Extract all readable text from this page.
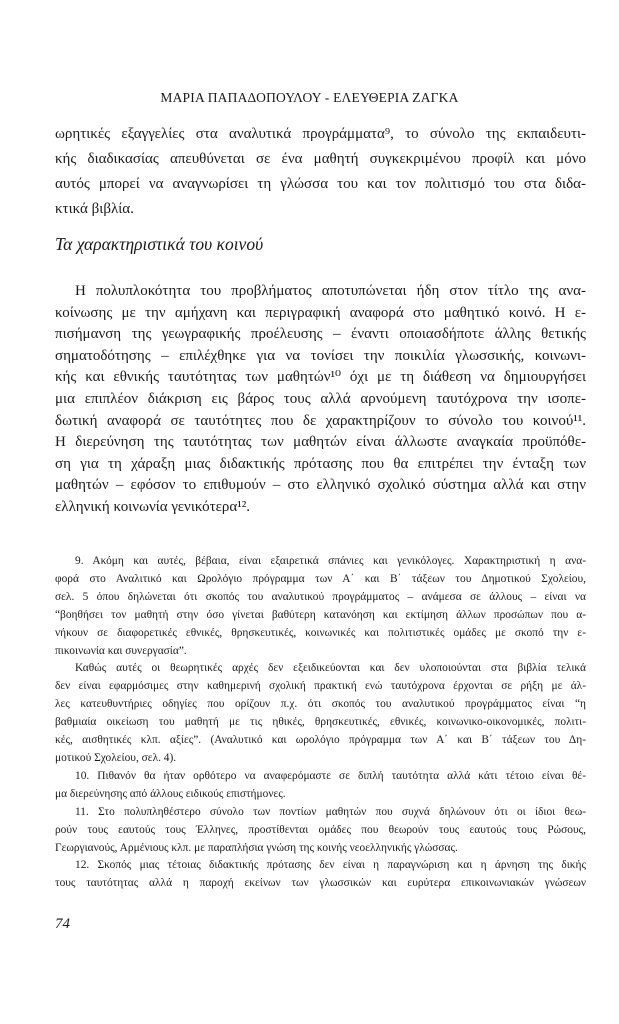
ΜΑΡΙΑ ΠΑΠΑΔΟΠΟΥΛΟΥ - ΕΛΕΥΘΕΡΙΑ ΖΑΓΚΑ
ωρητικές εξαγγελίες στα αναλυτικά προγράμματα⁹, το σύνολο της εκπαιδευτι-
κής διαδικασίας απευθύνεται σε ένα μαθητή συγκεκριμένου προφίλ και μόνο
αυτός μπορεί να αναγνωρίσει τη γλώσσα του και τον πολιτισμό του στα διδα-
κτικά βιβλία.
Τα χαρακτηριστικά του κοινού
Η πολυπλοκότητα του προβλήματος αποτυπώνεται ήδη στον τίτλο της ανα-
κοίνωσης με την αμήχανη και περιγραφική αναφορά στο μαθητικό κοινό. Η ε-
πισήμανση της γεωγραφικής προέλευσης – έναντι οποιασδήποτε άλλης θετικής
σηματοδότησης – επιλέχθηκε για να τονίσει την ποικιλία γλωσσικής, κοινωνι-
κής και εθνικής ταυτότητας των μαθητών¹⁰ όχι με τη διάθεση να δημιουργήσει
μια επιπλέον διάκριση εις βάρος τους αλλά αρνούμενη ταυτόχρονα την ισοπε-
δωτική αναφορά σε ταυτότητες που δε χαρακτηρίζουν το σύνολο του κοινού¹¹.
Η διερεύνηση της ταυτότητας των μαθητών είναι άλλωστε αναγκαία προϋπόθε-
ση για τη χάραξη μιας διδακτικής πρότασης που θα επιτρέπει την ένταξη των
μαθητών – εφόσον το επιθυμούν – στο ελληνικό σχολικό σύστημα αλλά και στην
ελληνική κοινωνία γενικότερα¹².
9. Ακόμη και αυτές, βέβαια, είναι εξαιρετικά σπάνιες και γενικόλογες. Χαρακτηριστική η ανα-
φορά στο Αναλιτικό και Ωρολόγιο πρόγραμμα των Α΄ και Β΄ τάξεων του Δημοτικού Σχολείου,
σελ. 5 όπου δηλώνεται ότι σκοπός του αναλυτικού προγράμματος – ανάμεσα σε άλλους – είναι να
“βοηθήσει τον μαθητή στην όσο γίνεται βαθύτερη κατανόηση και εκτίμηση άλλων προσώπων που α-
νήκουν σε διαφορετικές εθνικές, θρησκευτικές, κοινωνικές και πολιτιστικές ομάδες με σκοπό την ε-
πικοινωνία και συνεργασία”.
Καθώς αυτές οι θεωρητικές αρχές δεν εξειδικεύονται και δεν υλοποιούνται στα βιβλία τελικά
δεν είναι εφαρμόσιμες στην καθημερινή σχολική πρακτική ενώ ταυτόχρονα έρχονται σε ρήξη με άλ-
λες κατευθυντήριες οδηγίες που ορίζουν π.χ. ότι σκοπός του αναλυτικού προγράμματος είναι “η
βαθμιαία οικείωση του μαθητή με τις ηθικές, θρησκευτικές, εθνικές, κοινωνικο-οικονομικές, πολιτι-
κές, αισθητικές κλπ. αξίες”. (Αναλυτικό και ωρολόγιο πρόγραμμα των Α΄ και Β΄ τάξεων του Δη-
μοτικού Σχολείου, σελ. 4).
10. Πιθανόν θα ήταν ορθότερο να αναφερόμαστε σε διπλή ταυτότητα αλλά κάτι τέτοιο είναι θέ-
μα διερεύνησης από άλλους ειδικούς επιστήμονες.
11. Στο πολυπληθέστερο σύνολο των ποντίων μαθητών που συχνά δηλώνουν ότι οι ίδιοι θεω-
ρούν τους εαυτούς τους Έλληνες, προστίθενται ομάδες που θεωρούν τους εαυτούς τους Ρώσους,
Γεωργιανούς, Αρμένιους κλπ. με παραπλήσια γνώση της κοινής νεοελληνικής γλώσσας.
12. Σκοπός μιας τέτοιας διδακτικής πρότασης δεν είναι η παραγνώριση και η άρνηση της δικής
τους ταυτότητας αλλά η παροχή εκείνων των γλωσσικών και ευρύτερα επικοινωνιακών γνώσεων
74
